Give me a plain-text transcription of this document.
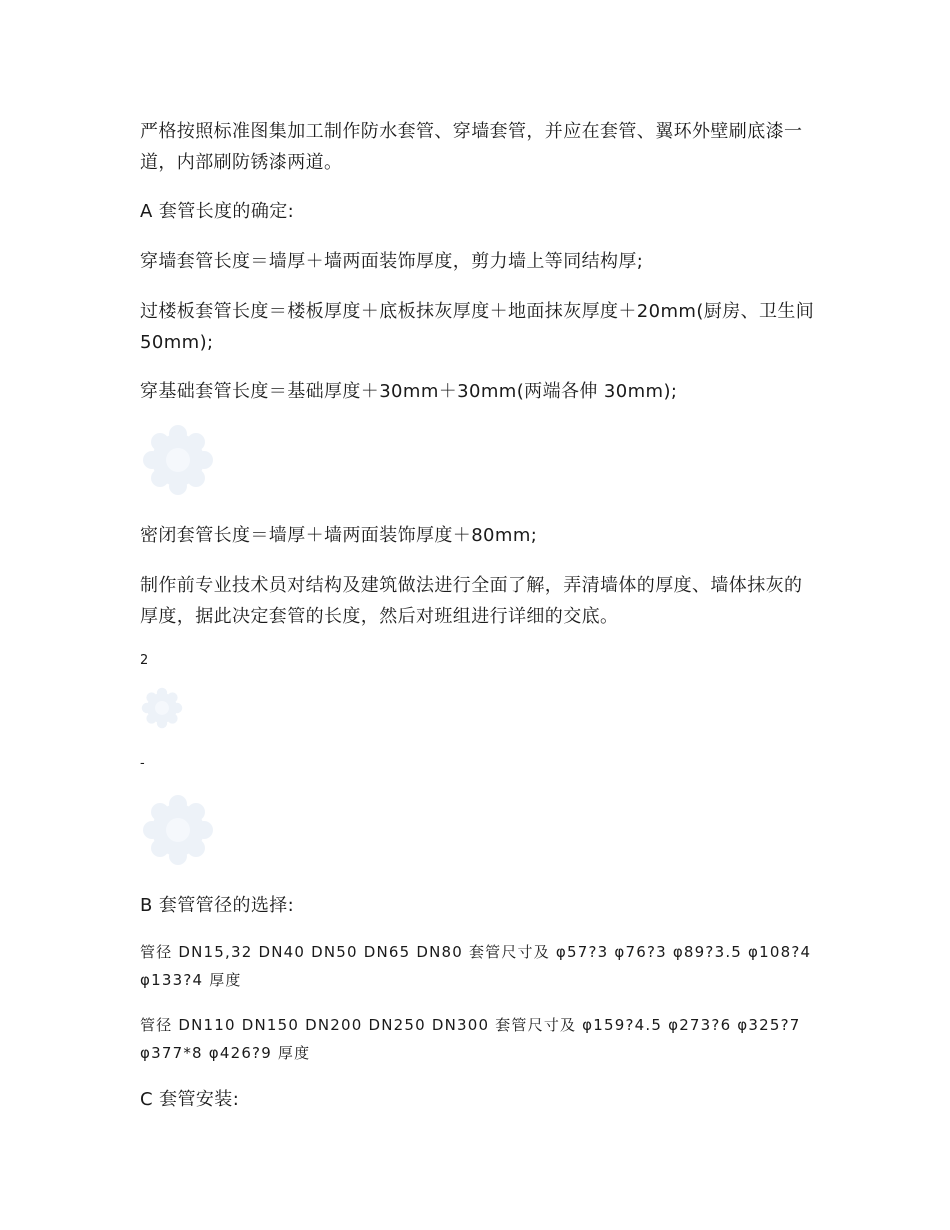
严格按照标准图集加工制作防水套管、穿墙套管，并应在套管、翼环外壁刷底漆一道，内部刷防锈漆两道。

A 套管长度的确定:

穿墙套管长度＝墙厚＋墙两面装饰厚度，剪力墙上等同结构厚;

过楼板套管长度＝楼板厚度＋底板抹灰厚度＋地面抹灰厚度＋20mm(厨房、卫生间 50mm);

穿基础套管长度＝基础厚度＋30mm＋30mm(两端各伸 30mm);

密闭套管长度＝墙厚＋墙两面装饰厚度＋80mm;

制作前专业技术员对结构及建筑做法进行全面了解，弄清墙体的厚度、墙体抹灰的厚度，据此决定套管的长度，然后对班组进行详细的交底。

2

-

B 套管管径的选择:

管径 DN15,32 DN40 DN50 DN65 DN80 套管尺寸及 φ57?3 φ76?3 φ89?3.5 φ108?4 φ133?4 厚度

管径 DN110 DN150 DN200 DN250 DN300 套管尺寸及 φ159?4.5 φ273?6 φ325?7 φ377*8 φ426?9 厚度

C 套管安装:
